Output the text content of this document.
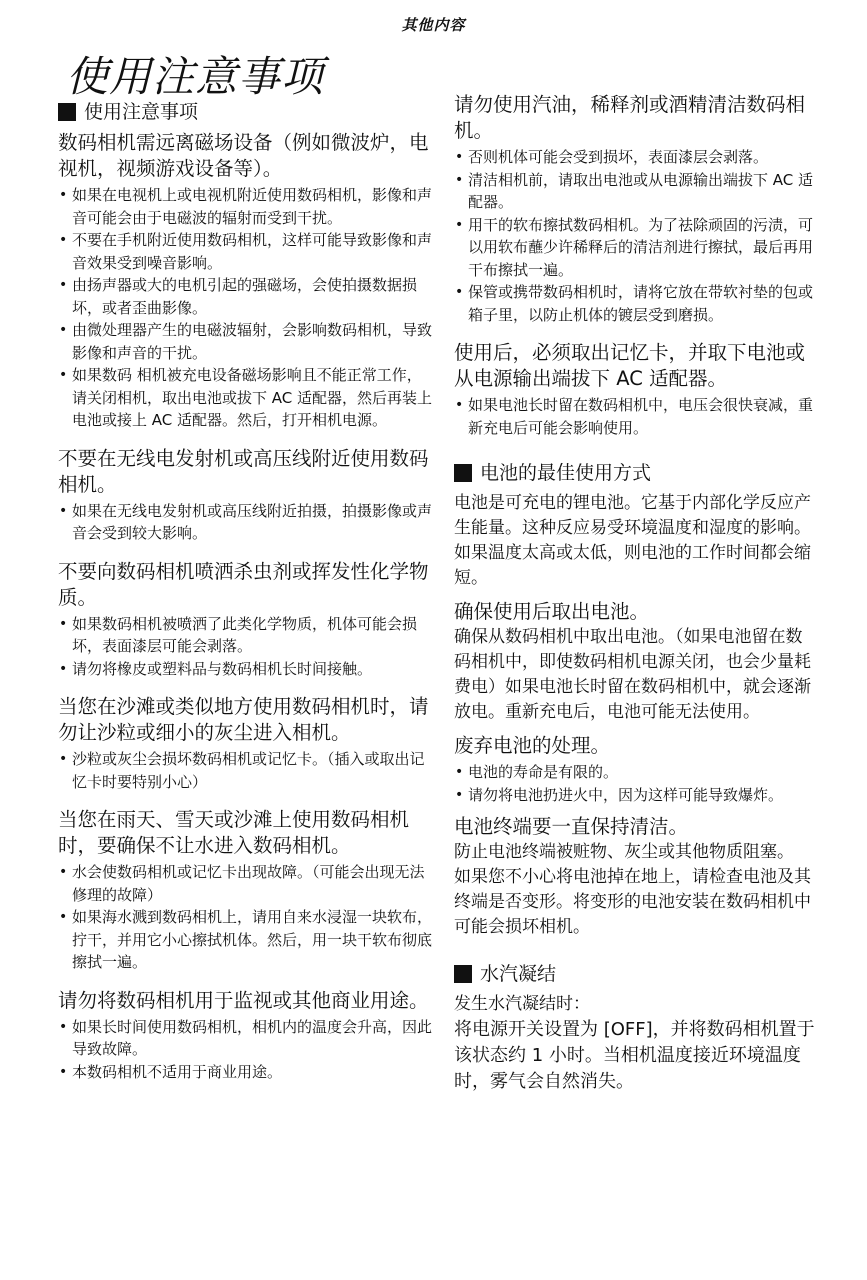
其他内容
使用注意事项
使用注意事项
数码相机需远离磁场设备（例如微波炉，电视机，视频游戏设备等）。
• 如果在电视机上或电视机附近使用数码相机，影像和声音可能会由于电磁波的辐射而受到干扰。
• 不要在手机附近使用数码相机，这样可能导致影像和声音效果受到噪音影响。
• 由扬声器或大的电机引起的强磁场，会使拍摄数据损坏，或者歪曲影像。
• 由微处理器产生的电磁波辐射，会影响数码相机，导致影像和声音的干扰。
• 如果数码 相机被充电设备磁场影响且不能正常工作，请关闭相机，取出电池或拔下 AC 适配器，然后再装上电池或接上 AC 适配器。然后，打开相机电源。
不要在无线电发射机或高压线附近使用数码相机。
• 如果在无线电发射机或高压线附近拍摄，拍摄影像或声音会受到较大影响。
不要向数码相机喷洒杀虫剂或挥发性化学物质。
• 如果数码相机被喷洒了此类化学物质，机体可能会损坏，表面漆层可能会剥落。
• 请勿将橡皮或塑料品与数码相机长时间接触。
当您在沙滩或类似地方使用数码相机时，请勿让沙粒或细小的灰尘进入相机。
• 沙粒或灰尘会损坏数码相机或记忆卡。（插入或取出记忆卡时要特别小心）
当您在雨天、雪天或沙滩上使用数码相机时，要确保不让水进入数码相机。
• 水会使数码相机或记忆卡出现故障。（可能会出现无法修理的故障）
• 如果海水溅到数码相机上，请用自来水浸湿一块软布，拧干，并用它小心擦拭机体。然后，用一块干软布彻底擦拭一遍。
请勿将数码相机用于监视或其他商业用途。
• 如果长时间使用数码相机，相机内的温度会升高，因此导致故障。
• 本数码相机不适用于商业用途。
请勿使用汽油，稀释剂或酒精清洁数码相机。
• 否则机体可能会受到损坏，表面漆层会剥落。
• 清洁相机前，请取出电池或从电源输出端拔下 AC 适配器。
• 用干的软布擦拭数码相机。为了祛除顽固的污渍，可以用软布蘸少许稀释后的清洁剂进行擦拭，最后再用干布擦拭一遍。
• 保管或携带数码相机时，请将它放在带软衬垫的包或箱子里，以防止机体的镀层受到磨损。
使用后，必须取出记忆卡，并取下电池或从电源输出端拔下 AC 适配器。
• 如果电池长时留在数码相机中，电压会很快衰减，重新充电后可能会影响使用。
电池的最佳使用方式
电池是可充电的锂电池。它基于内部化学反应产生能量。这种反应易受环境温度和湿度的影响。如果温度太高或太低，则电池的工作时间都会缩短。
确保使用后取出电池。
确保从数码相机中取出电池。（如果电池留在数码相机中，即使数码相机电源关闭，也会少量耗费电）如果电池长时留在数码相机中，就会逐渐放电。重新充电后，电池可能无法使用。
废弃电池的处理。
• 电池的寿命是有限的。
• 请勿将电池扔进火中，因为这样可能导致爆炸。
电池终端要一直保持清洁。
防止电池终端被赃物、灰尘或其他物质阻塞。
如果您不小心将电池掉在地上，请检查电池及其终端是否变形。将变形的电池安装在数码相机中可能会损坏相机。
水汽凝结
发生水汽凝结时：
将电源开关设置为 [OFF]，并将数码相机置于该状态约 1 小时。当相机温度接近环境温度时，雾气会自然消失。
